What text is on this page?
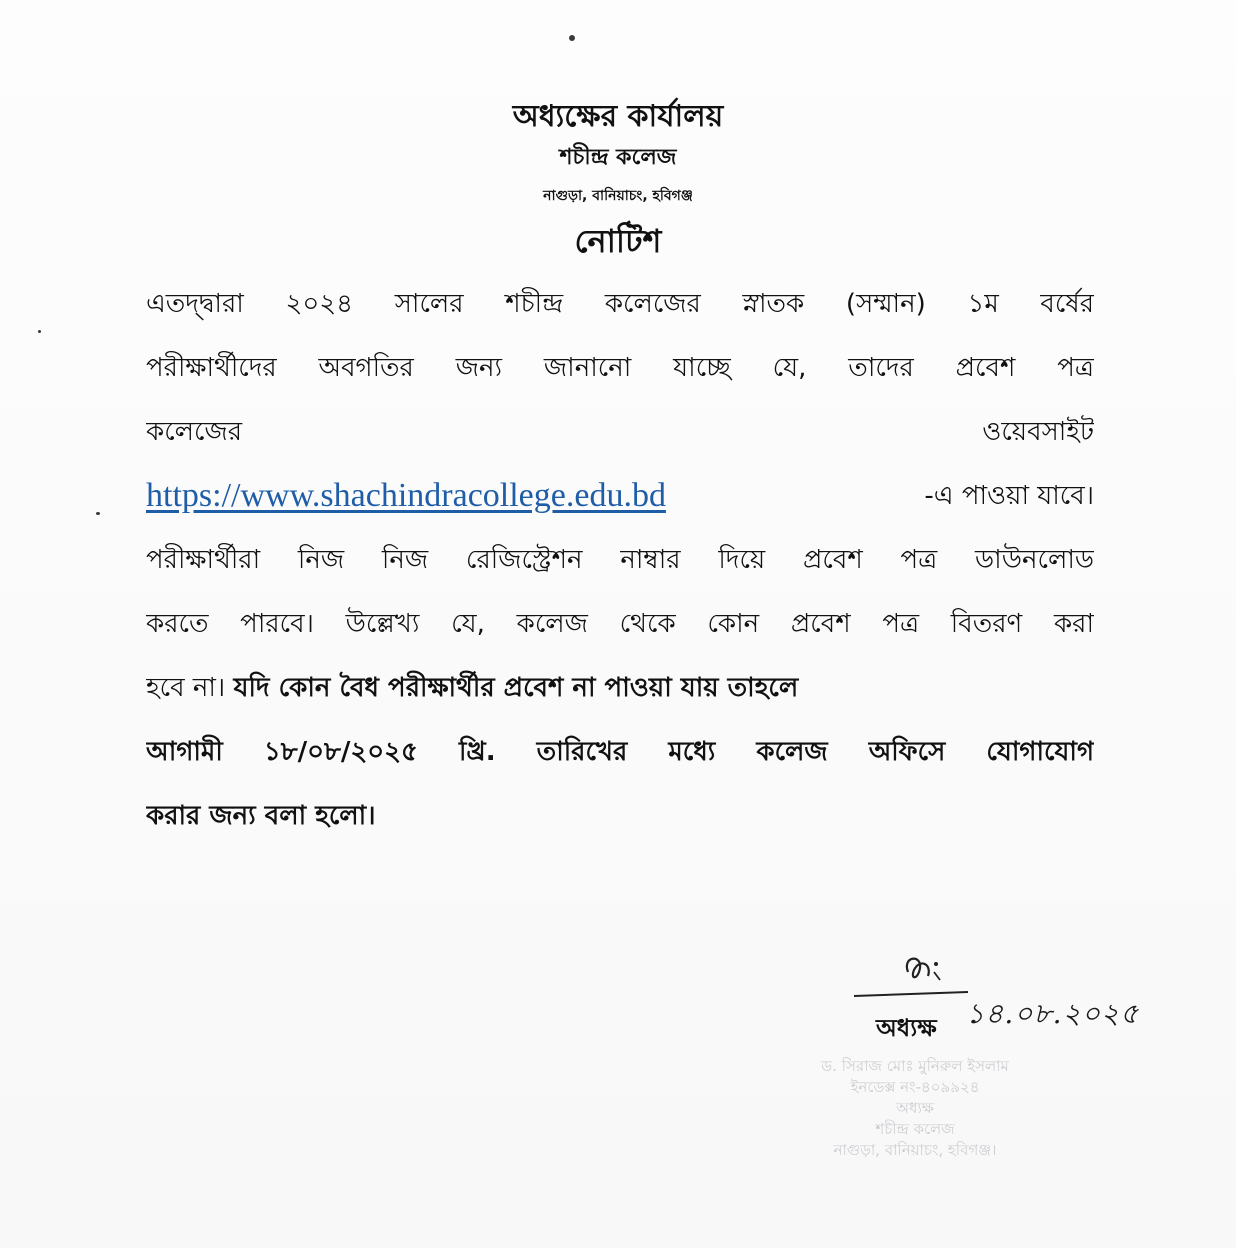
অধ্যক্ষের কার্যালয়
শচীন্দ্র কলেজ
নাগুড়া, বানিয়াচং, হবিগঞ্জ
নোটিশ
এতদ্দ্বারা ২০২৪ সালের শচীন্দ্র কলেজের স্নাতক (সম্মান) ১ম বর্ষের
পরীক্ষার্থীদের অবগতির জন্য জানানো যাচ্ছে যে, তাদের প্রবেশ পত্র
কলেজের	ওয়েবসাইট
https://www.shachindracollege.edu.bd	-এ পাওয়া যাবে।
পরীক্ষার্থীরা নিজ নিজ রেজিস্ট্রেশন নাম্বার দিয়ে প্রবেশ পত্র ডাউনলোড
করতে পারবে। উল্লেখ্য যে, কলেজ থেকে কোন প্রবেশ পত্র বিতরণ করা
হবে না। যদি কোন বৈধ পরীক্ষার্থীর প্রবেশ না পাওয়া যায় তাহলে
আগামী ১৮/০৮/২০২৫ খ্রি. তারিখের মধ্যে কলেজ অফিসে যোগাযোগ
করার জন্য বলা হলো।
১৪.০৮.২০২৫
অধ্যক্ষ
ড. সিরাজ মোঃ মুনিরুল ইসলাম
ইনডেক্স নং-৪০৯৯২৪
অধ্যক্ষ
শচীন্দ্র কলেজ
নাগুড়া, বানিয়াচং, হবিগঞ্জ।
